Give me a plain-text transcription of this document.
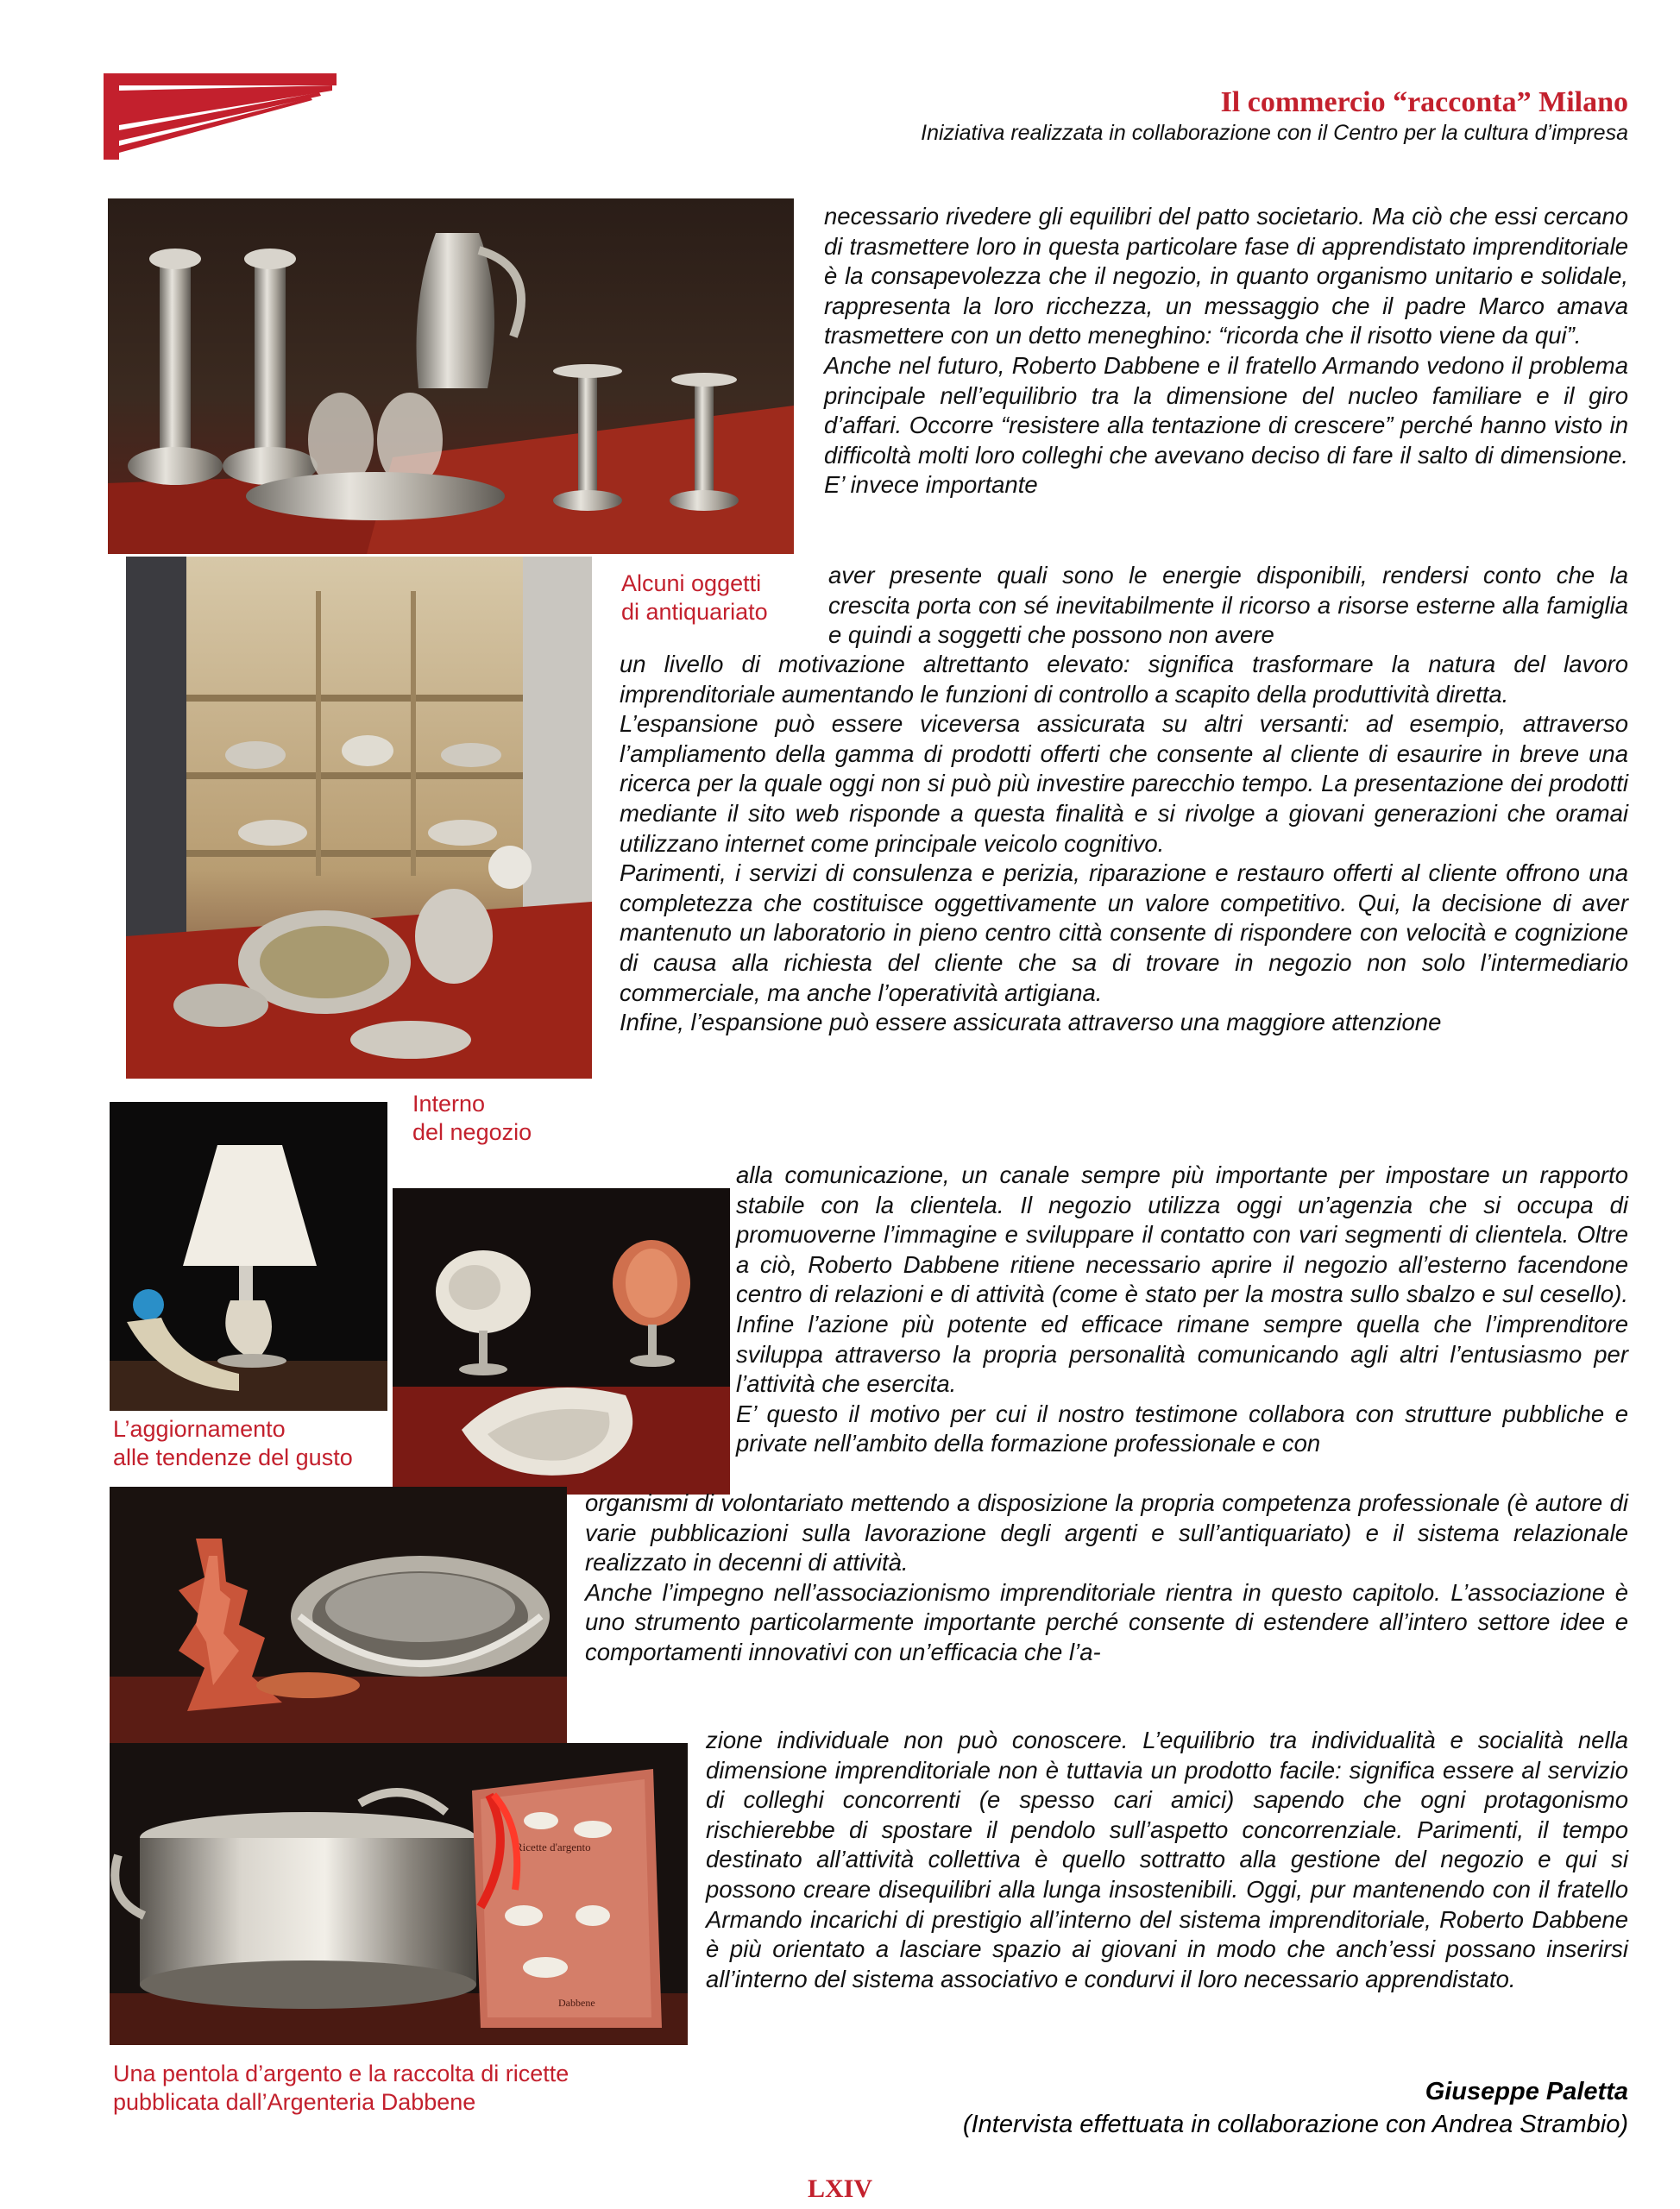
Il commercio “racconta” Milano
Iniziativa realizzata in collaborazione con il Centro per la cultura d’impresa
Alcuni oggetti
di antiquariato
Interno
del negozio
L’aggiornamento
alle tendenze del gusto
Ricette d'argento
Dabbene
Una pentola d’argento e la raccolta di ricette
pubblicata dall’Argenteria Dabbene

necessario rivedere gli equilibri del patto societario. Ma ciò che essi cercano di trasmettere loro in questa particolare fase di apprendistato imprenditoriale è la consapevolezza che il negozio, in quanto organismo unitario e solidale, rappresenta la loro ricchezza, un messaggio che il padre Marco amava trasmettere con un detto meneghino: “ricorda che il risotto viene da qui”.

Anche nel futuro, Roberto Dabbene e il fratello Armando vedono il problema principale nell’equilibrio tra la dimensione del nucleo familiare e il giro d’affari. Occorre “resistere alla tentazione di crescere” perché hanno visto in difficoltà molti loro colleghi che avevano deciso di fare il salto di dimensione. E’ invece importante

aver presente quali sono le energie disponibili, rendersi conto che la crescita porta con sé inevitabilmente il ricorso a risorse esterne alla famiglia e quindi a soggetti che possono non avere

un livello di motivazione altrettanto elevato: significa trasformare la natura del lavoro imprenditoriale aumentando le funzioni di controllo a scapito della produttività diretta.

L’espansione può essere viceversa assicurata su altri versanti: ad esempio, attraverso l’ampliamento della gamma di prodotti offerti che consente al cliente di esaurire in breve una ricerca per la quale oggi non si può più investire parecchio tempo. La presentazione dei prodotti mediante il sito web risponde a questa finalità e si rivolge a giovani generazioni che oramai utilizzano internet come principale veicolo cognitivo.

Parimenti, i servizi di consulenza e perizia, riparazione e restauro offerti al cliente offrono una completezza che costituisce oggettivamente un valore competitivo. Qui, la decisione di aver mantenuto un laboratorio in pieno centro città consente di rispondere con velocità e cognizione di causa alla richiesta del cliente che sa di trovare in negozio non solo l’intermediario commerciale, ma anche l’operatività artigiana.

Infine, l’espansione può essere assicurata attraverso una maggiore attenzione

alla comunicazione, un canale sempre più importante per impostare un rapporto stabile con la clientela. Il negozio utilizza oggi un’agenzia che si occupa di promuoverne l’immagine e sviluppare il contatto con vari segmenti di clientela. Oltre a ciò, Roberto Dabbene ritiene necessario aprire il negozio all’esterno facendone centro di relazioni e di attività (come è stato per la mostra sullo sbalzo e sul cesello). Infine l’azione più potente ed efficace rimane sempre quella che l’imprenditore sviluppa attraverso la propria personalità comunicando agli altri l’entusiasmo per l’attività che esercita.

E’ questo il motivo per cui il nostro testimone collabora con strutture pubbliche e private nell’ambito della formazione professionale e con

organismi di volontariato mettendo a disposizione la propria competenza professionale (è autore di varie pubblicazioni sulla lavorazione degli argenti e sull’antiquariato) e il sistema relazionale realizzato in decenni di attività.

Anche l’impegno nell’associazionismo imprenditoriale rientra in questo capitolo. L’associazione è uno strumento particolarmente importante perché consente di estendere all’intero settore idee e comportamenti innovativi con un’efficacia che l’a-

zione individuale non può conoscere. L’equilibrio tra individualità e socialità nella dimensione imprenditoriale non è tuttavia un prodotto facile: significa essere al servizio di colleghi concorrenti (e spesso cari amici) sapendo che ogni protagonismo rischierebbe di spostare il pendolo sull’aspetto concorrenziale. Parimenti, il tempo destinato all’attività collettiva è quello sottratto alla gestione del negozio e qui si possono creare disequilibri alla lunga insostenibili. Oggi, pur mantenendo con il fratello Armando incarichi di prestigio all’interno del sistema imprenditoriale, Roberto Dabbene è più orientato a lasciare spazio ai giovani in modo che anch’essi possano inserirsi all’interno del sistema associativo e condurvi il loro necessario apprendistato.

Giuseppe Paletta
(Intervista effettuata in collaborazione con Andrea Strambio)
LXIV
